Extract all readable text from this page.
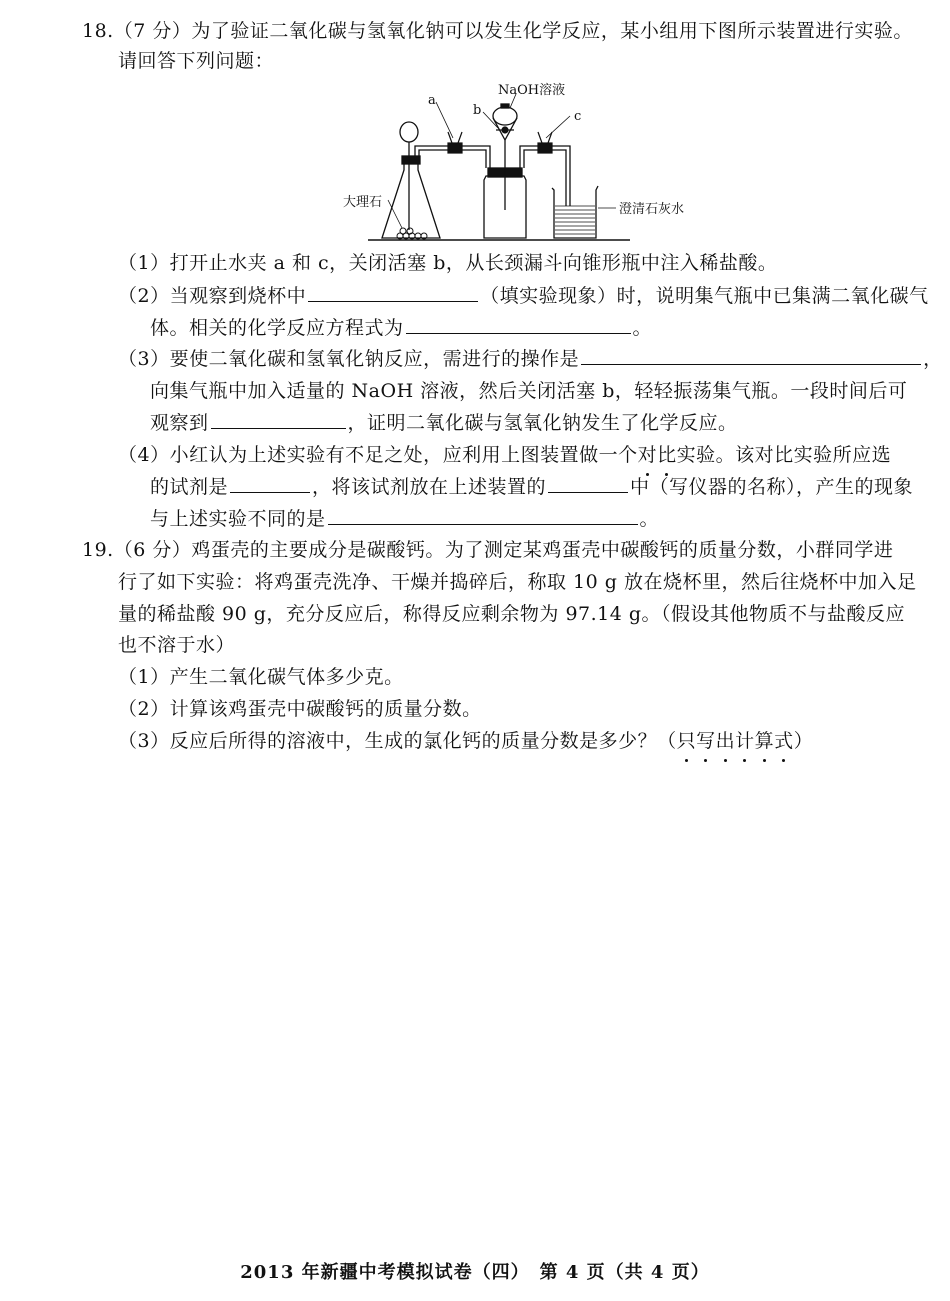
18.（7 分）为了验证二氧化碳与氢氧化钠可以发生化学反应，某小组用下图所示装置进行实验。
请回答下列问题：
NaOH溶液
a
b	c
大理石	澄清石灰水
（1）打开止水夹 a 和 c，关闭活塞 b，从长颈漏斗向锥形瓶中注入稀盐酸。
（2）当观察到烧杯中	（填实验现象）时，说明集气瓶中已集满二氧化碳气
体。相关的化学反应方程式为	。
（3）要使二氧化碳和氢氧化钠反应，需进行的操作是	，
向集气瓶中加入适量的 NaOH 溶液，然后关闭活塞 b，轻轻振荡集气瓶。一段时间后可
观察到	，证明二氧化碳与氢氧化钠发生了化学反应。
（4）小红认为上述实验有不足之处，应利用上图装置做一个对比实验。该对比实验所应选
的试剂是	，将该试剂放在上述装置的	中（写仪器的名称），产生的现象
与上述实验不同的是	。
19.（6 分）鸡蛋壳的主要成分是碳酸钙。为了测定某鸡蛋壳中碳酸钙的质量分数，小群同学进
行了如下实验：将鸡蛋壳洗净、干燥并捣碎后，称取 10 g 放在烧杯里，然后往烧杯中加入足
量的稀盐酸 90 g，充分反应后，称得反应剩余物为 97.14 g。（假设其他物质不与盐酸反应
也不溶于水）
（1）产生二氧化碳气体多少克。
（2）计算该鸡蛋壳中碳酸钙的质量分数。
（3）反应后所得的溶液中，生成的氯化钙的质量分数是多少？（只写出计算式）
2013 年新疆中考模拟试卷（四）　第 4 页（共 4 页）
